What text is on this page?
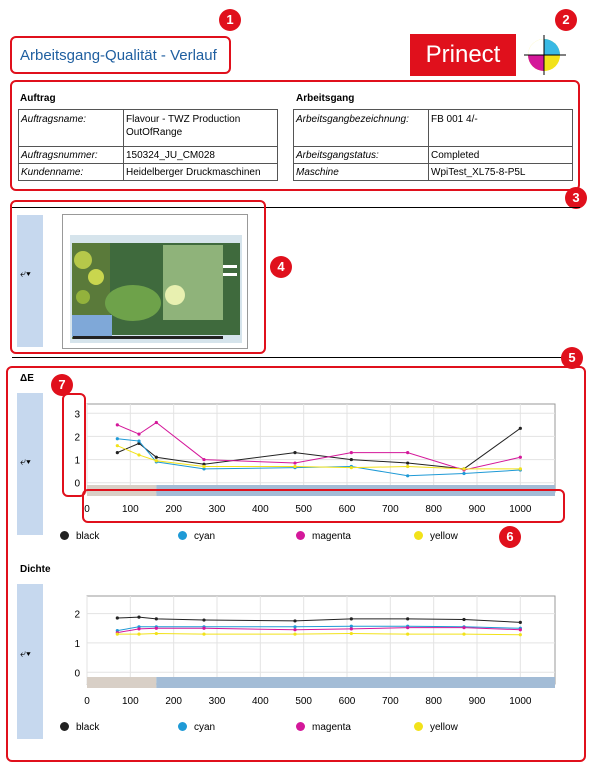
Arbeitsgang-Qualität - Verlauf
1
Prinect
2
Auftrag	Arbeitsgang
Auftragsname:	Flavour - TWZ Production OutOfRange
Auftragsnummer:	150324_JU_CM028
Kundenname:	Heidelberger Druckmaschinen
Arbeitsgangbezeichnung:	FB 001 4/-
Arbeitsgangstatus:	Completed
Maschine	WpiTest_XL75-8-P5L
3
⤶▾	4
5
ΔE
⤶▾
0
1
2
3
0	100	200	300	400	500	600	700	800	900 1000
7
6
black	cyan	magenta	yellow
Dichte
⤶▾
0
1
2
0	100	200	300	400	500	600	700	800	900 1000
black	cyan	magenta	yellow
